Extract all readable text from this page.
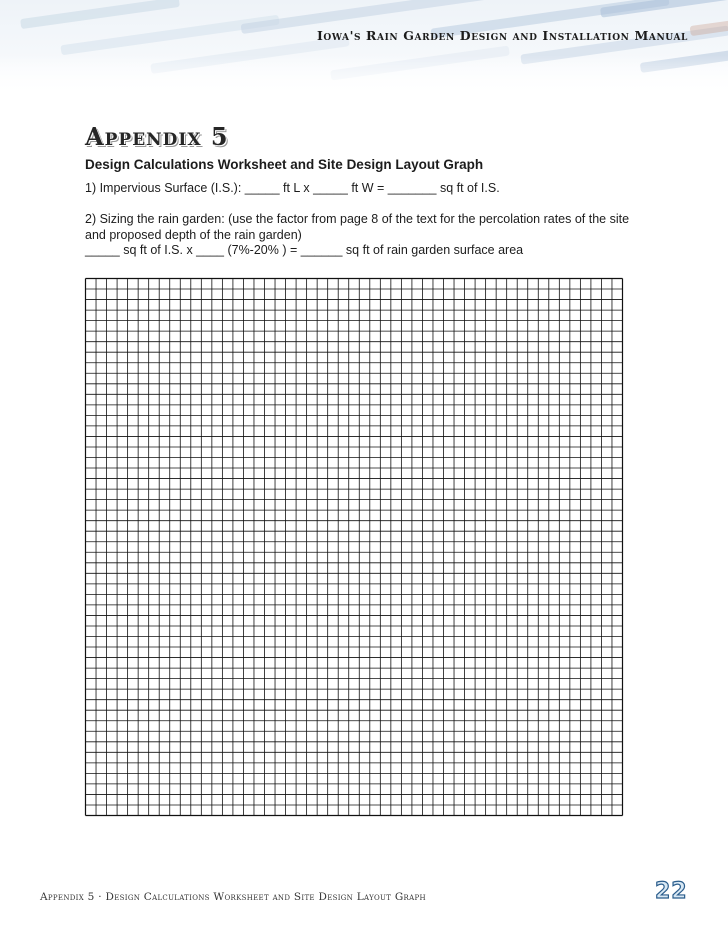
Iowa's Rain Garden Design and Installation Manual
Appendix 5
Design Calculations Worksheet and Site Design Layout Graph
1) Impervious Surface (I.S.): _____ ft L x _____ ft W = _______ sq ft of I.S.
2) Sizing the rain garden: (use the factor from page 8 of the text for the percolation rates of the site
and proposed depth of the rain garden)
_____ sq ft of I.S. x ____ (7%-20% ) = ______ sq ft of rain garden surface area
Appendix 5 · Design Calculations Worksheet and Site Design Layout Graph	22
